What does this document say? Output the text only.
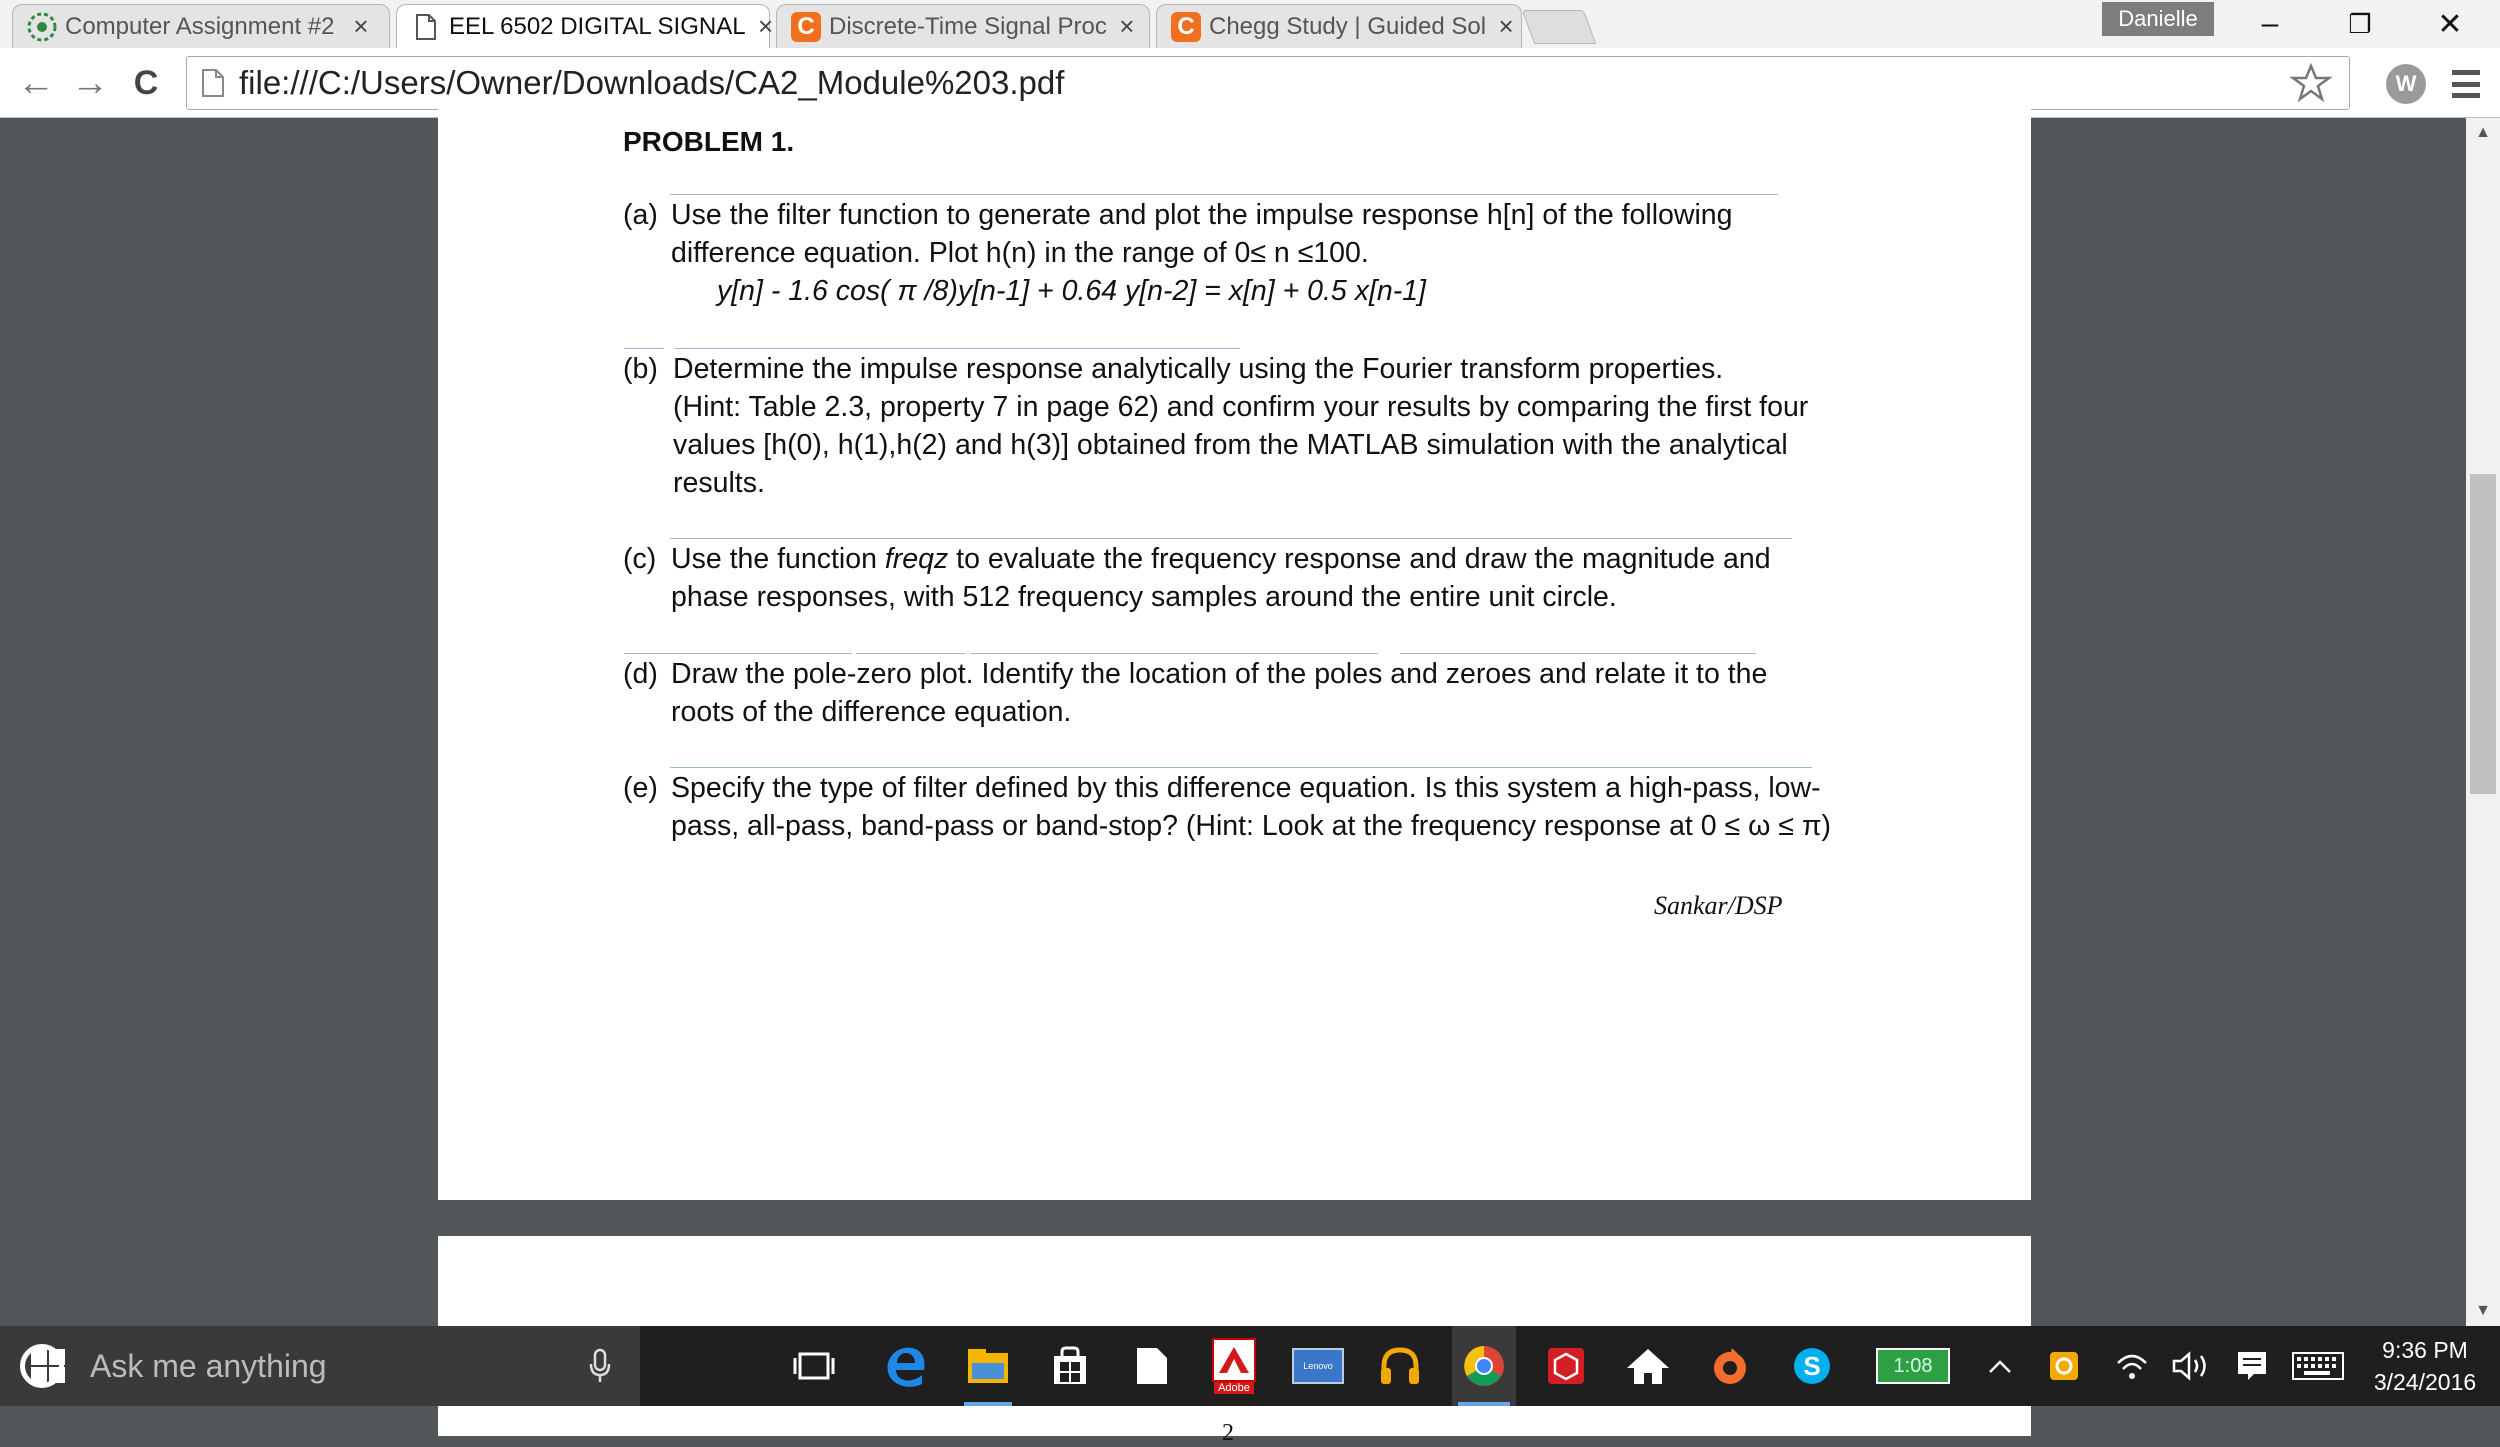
Computer Assignment #2 ×	EEL 6502 DIGITAL SIGNAL × C Discrete-Time Signal Proc × C Chegg Study | Guided Sol ×	Danielle	–	❐	✕
← → C file:///C:/Users/Owner/Downloads/CA2_Module%203.pdf	W
PROBLEM 1.
(a) Use the filter function to generate and plot the impulse response h[n] of the following
difference equation. Plot h(n) in the range of 0≤ n ≤100.
y[n] - 1.6 cos( π /8)y[n-1] + 0.64 y[n-2] = x[n] + 0.5 x[n-1]
(b) Determine the impulse response analytically using the Fourier transform properties.
(Hint: Table 2.3, property 7 in page 62) and confirm your results by comparing the first four
values [h(0), h(1),h(2) and h(3)] obtained from the MATLAB simulation with the analytical
results.
(c) Use the function freqz to evaluate the frequency response and draw the magnitude and
phase responses, with 512 frequency samples around the entire unit circle.
(d) Draw the pole-zero plot. Identify the location of the poles and zeroes and relate it to the
roots of the difference equation.
(e) Specify the type of filter defined by this difference equation. Is this system a high-pass, low-
pass, all-pass, band-pass or band-stop? (Hint: Look at the frequency response at 0 ≤ ω ≤ π)
Sankar/DSP
2
▲
▼
Ask me anything
Adobe
Lenovo	S	1:08
9:36 PM
3/24/2016
